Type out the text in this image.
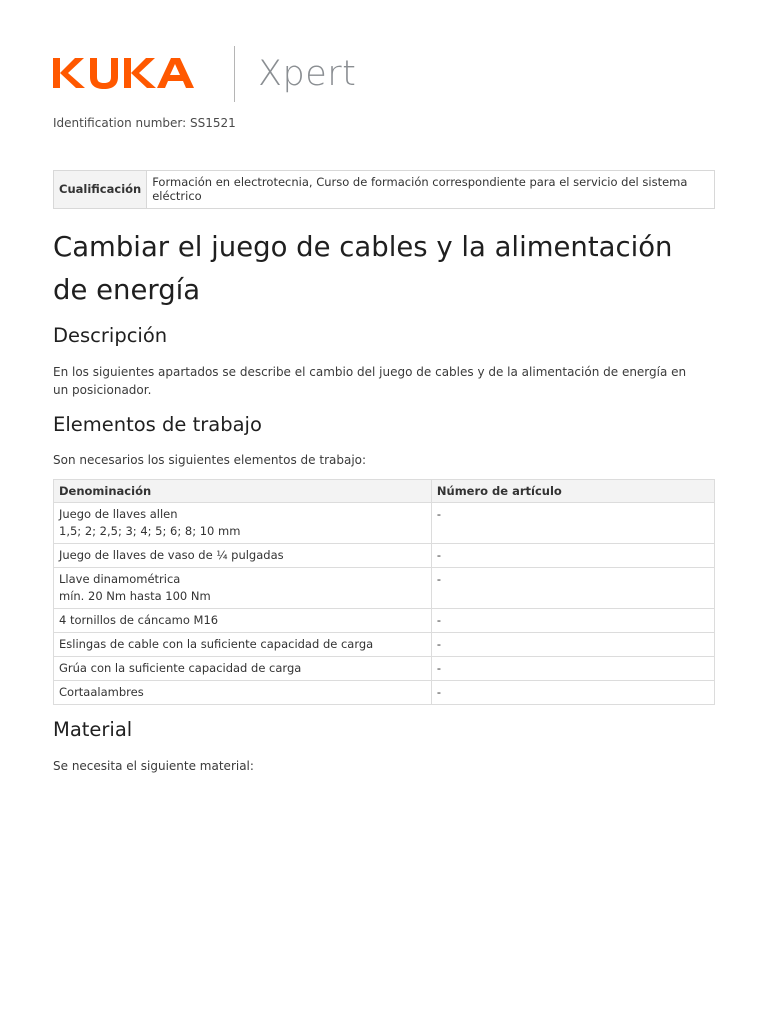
Xpert
Identification number: SS1521
Cualificación	Formación en electrotecnia, Curso de formación correspondiente para el servicio del sistema eléctrico
Cambiar el juego de cables y la alimentación de energía
Descripción

En los siguientes apartados se describe el cambio del juego de cables y de la alimentación de energía en un posicionador.

Elementos de trabajo

Son necesarios los siguientes elementos de trabajo:

Denominación	Número de artículo

Juego de llaves allen
1,5; 2; 2,5; 3; 4; 5; 6; 8; 10 mm	-

Juego de llaves de vaso de ¼ pulgadas	-

Llave dinamométrica
mín. 20 Nm hasta 100 Nm	-

4 tornillos de cáncamo M16	-

Eslingas de cable con la suficiente capacidad de carga	-

Grúa con la suficiente capacidad de carga	-

Cortaalambres	-
Material

Se necesita el siguiente material:
